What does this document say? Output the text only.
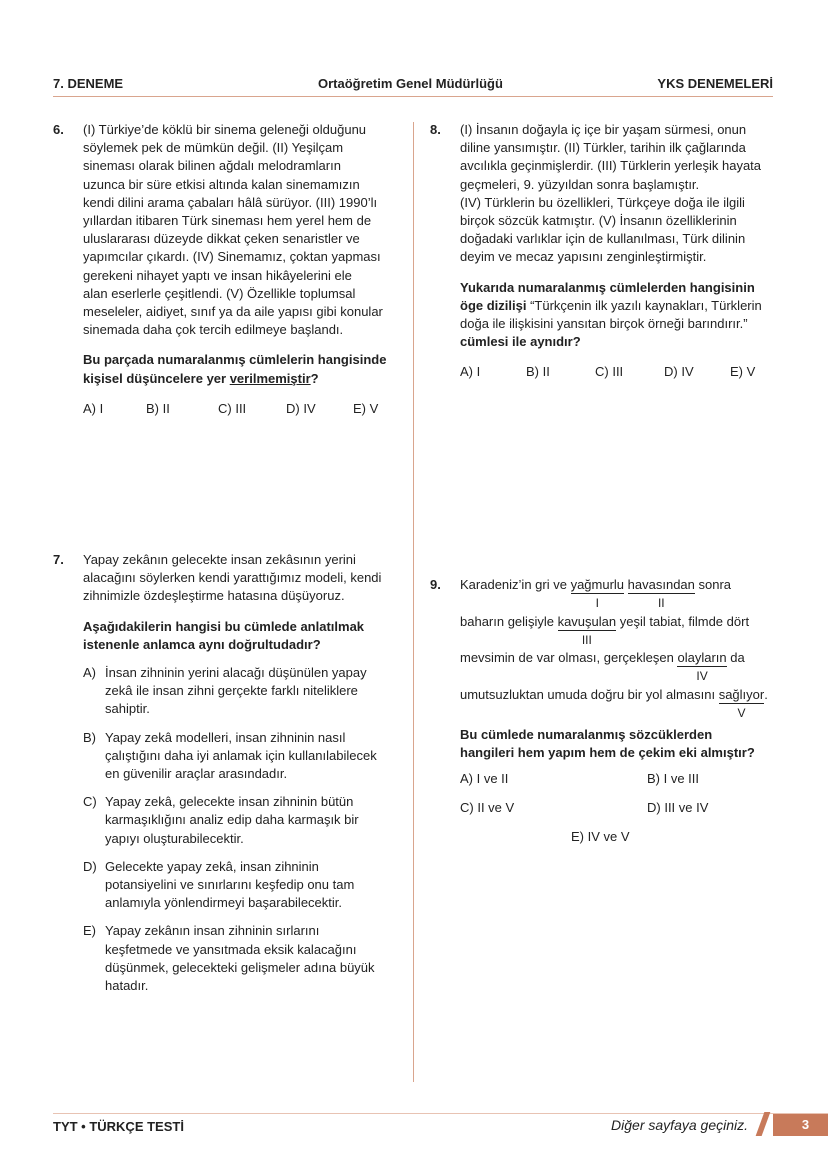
7. DENEME	Ortaöğretim Genel Müdürlüğü	YKS DENEMELERİ
6. (I) Türkiye’de köklü bir sinema geleneği olduğunu
söylemek pek de mümkün değil. (II) Yeşilçam
sineması olarak bilinen ağdalı melodramların
uzunca bir süre etkisi altında kalan sinemamızın
kendi dilini arama çabaları hâlâ sürüyor. (III) 1990’lı
yıllardan itibaren Türk sineması hem yerel hem de
uluslararası düzeyde dikkat çeken senaristler ve
yapımcılar çıkardı. (IV) Sinemamız, çoktan yapması
gerekeni nihayet yaptı ve insan hikâyelerini ele
alan eserlerle çeşitlendi. (V) Özellikle toplumsal
meseleler, aidiyet, sınıf ya da aile yapısı gibi konular
sinemada daha çok tercih edilmeye başlandı.
Bu parçada numaralanmış cümlelerin hangisinde
kişisel düşüncelere yer verilmemiştir?
A) I	B) II	C) III	D) IV	E) V
7. Yapay zekânın gelecekte insan zekâsının yerini
alacağını söylerken kendi yarattığımız modeli, kendi
zihnimizle özdeşleştirme hatasına düşüyoruz.
Aşağıdakilerin hangisi bu cümlede anlatılmak
istenenle anlamca aynı doğrultudadır?
A) İnsan zihninin yerini alacağı düşünülen yapay
zekâ ile insan zihni gerçekte farklı niteliklere
sahiptir.
B) Yapay zekâ modelleri, insan zihninin nasıl
çalıştığını daha iyi anlamak için kullanılabilecek
en güvenilir araçlar arasındadır.
C) Yapay zekâ, gelecekte insan zihninin bütün
karmaşıklığını analiz edip daha karmaşık bir
yapıyı oluşturabilecektir.
D) Gelecekte yapay zekâ, insan zihninin
potansiyelini ve sınırlarını keşfedip onu tam
anlamıyla yönlendirmeyi başarabilecektir.
E) Yapay zekânın insan zihninin sırlarını
keşfetmede ve yansıtmada eksik kalacağını
düşünmek, gelecekteki gelişmeler adına büyük
hatadır.
8. (I) İnsanın doğayla iç içe bir yaşam sürmesi, onun
diline yansımıştır. (II) Türkler, tarihin ilk çağlarında
avcılıkla geçinmişlerdir. (III) Türklerin yerleşik hayata
geçmeleri, 9. yüzyıldan sonra başlamıştır.
(IV) Türklerin bu özellikleri, Türkçeye doğa ile ilgili
birçok sözcük katmıştır. (V) İnsanın özelliklerinin
doğadaki varlıklar için de kullanılması, Türk dilinin
deyim ve mecaz yapısını zenginleştirmiştir.
Yukarıda numaralanmış cümlelerden hangisinin
öge dizilişi “Türkçenin ilk yazılı kaynakları, Türklerin
doğa ile ilişkisini yansıtan birçok örneği barındırır.”
cümlesi ile aynıdır?
A) I	B) II	C) III	D) IV	E) V
9. Karadeniz’in gri ve yağmurlu
I
havasından
II
sonra
baharın gelişiyle kavuşulan
III
yeşil tabiat, filmde dört
mevsimin de var olması, gerçekleşen olayların
IV
da
umutsuzluktan umuda doğru bir yol almasını sağlıyor
V
.
Bu cümlede numaralanmış sözcüklerden
hangileri hem yapım hem de çekim eki almıştır?
A) I ve II	B) I ve III
C) II ve V	D) III ve IV
E) IV ve V
TYT • TÜRKÇE TESTİ	Diğer sayfaya geçiniz.	3
